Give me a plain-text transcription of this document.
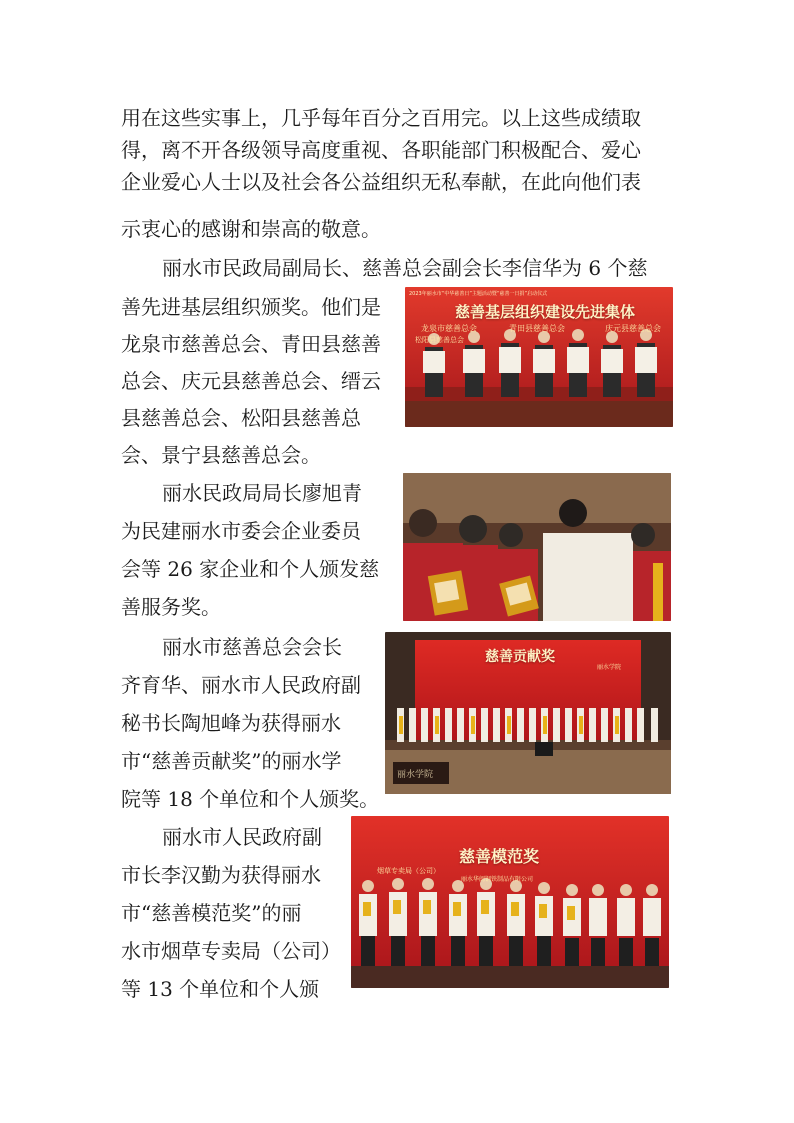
用在这些实事上，几乎每年百分之百用完。以上这些成绩取
得，离不开各级领导高度重视、各职能部门积极配合、爱心
企业爱心人士以及社会各公益组织无私奉献，在此向他们表
示衷心的感谢和崇高的敬意。
丽水市民政局副局长、慈善总会副会长李信华为 6 个慈
善先进基层组织颁奖。他们是
龙泉市慈善总会、青田县慈善
总会、庆元县慈善总会、缙云
县慈善总会、松阳县慈善总
会、景宁县慈善总会。
丽水民政局局长廖旭青
为民建丽水市委会企业委员
会等 26 家企业和个人颁发慈
善服务奖。
丽水市慈善总会会长
齐育华、丽水市人民政府副
秘书长陶旭峰为获得丽水
市“慈善贡献奖”的丽水学
院等 18 个单位和个人颁奖。
丽水市人民政府副
市长李汉勤为获得丽水
市“慈善模范奖”的丽
水市烟草专卖局（公司）
等 13 个单位和个人颁
2023年丽水市“中华慈善日”主题活动暨“慈善一日捐”启动仪式
慈善基层组织建设先进集体
龙泉市慈善总会	青田县慈善总会	庆元县慈善总会
松阳县慈善总会
慈善贡献奖
丽水学院
丽水学院
慈善模范奖
烟草专卖局（公司）
丽水华闽钢铁制品有限公司
